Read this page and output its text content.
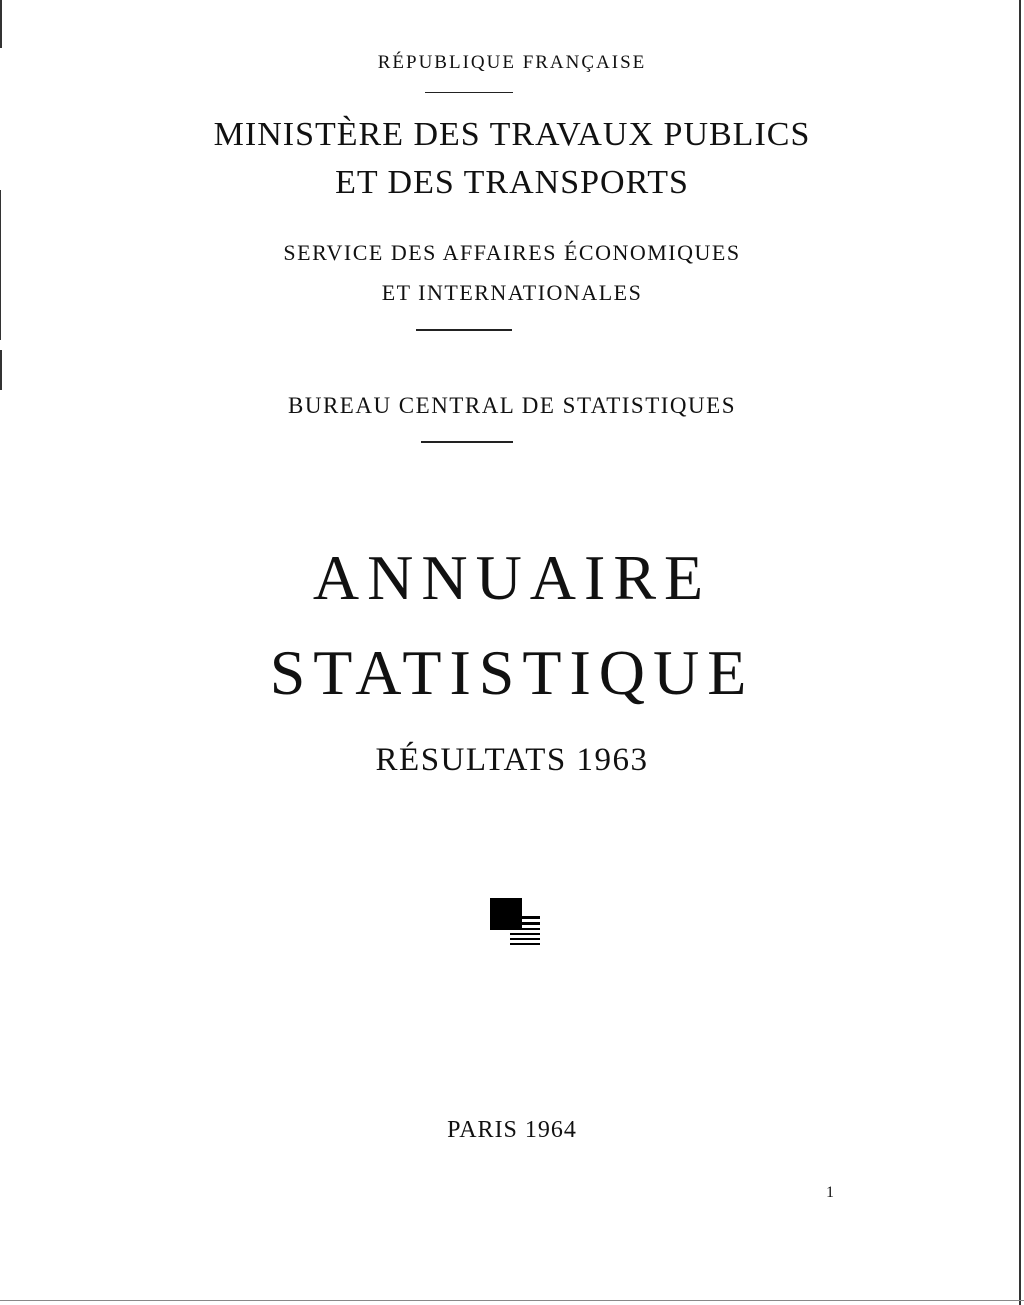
RÉPUBLIQUE FRANÇAISE
MINISTÈRE DES TRAVAUX PUBLICS
ET DES TRANSPORTS
SERVICE DES AFFAIRES ÉCONOMIQUES
ET INTERNATIONALES
BUREAU CENTRAL DE STATISTIQUES
ANNUAIRE
STATISTIQUE
RÉSULTATS 1963
PARIS 1964
1
